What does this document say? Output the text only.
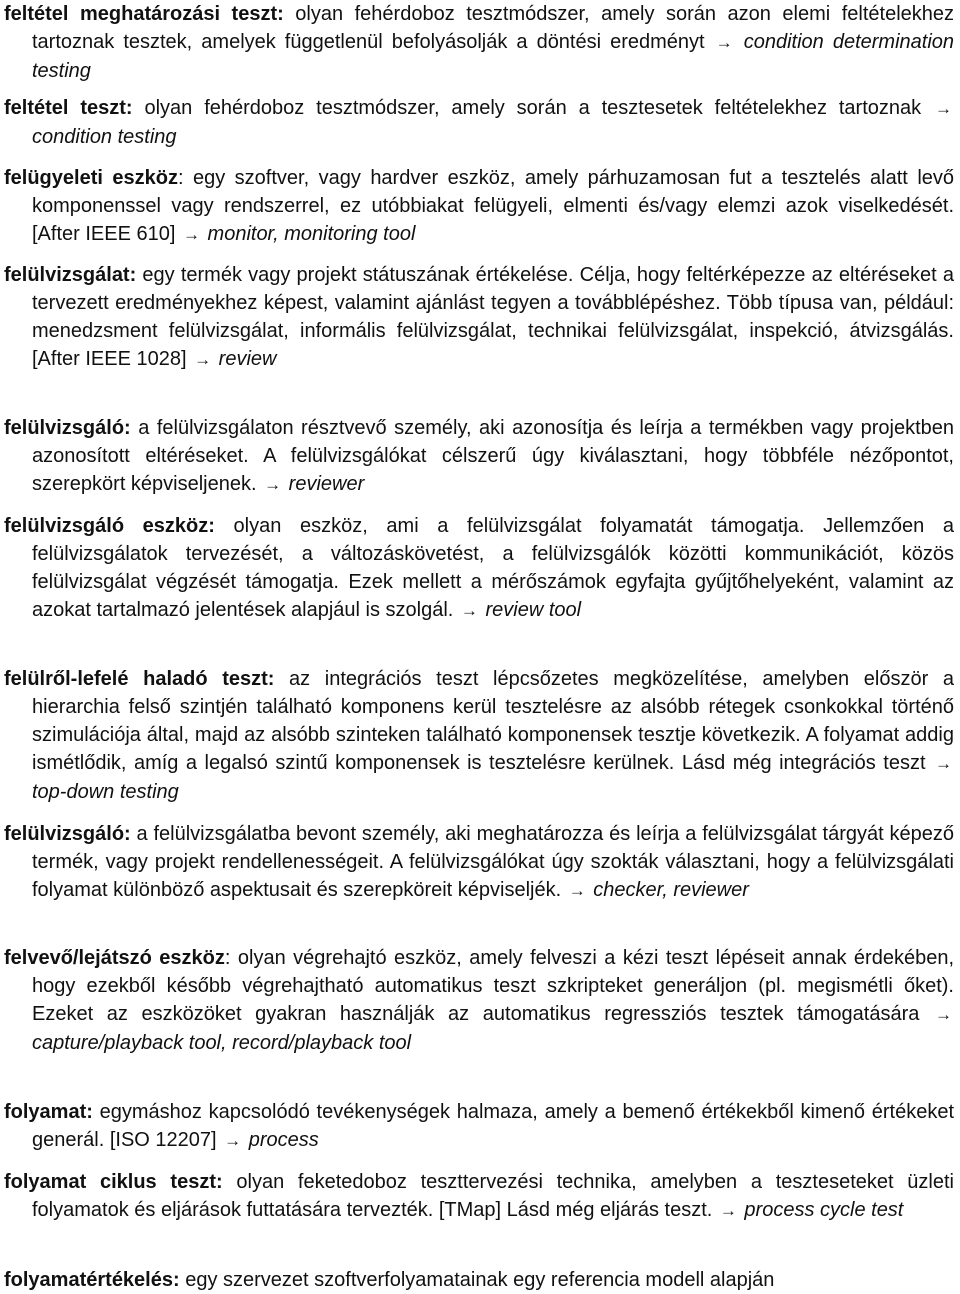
feltétel meghatározási teszt: olyan fehérdoboz tesztmódszer, amely során azon elemi feltételekhez tartoznak tesztek, amelyek függetlenül befolyásolják a döntési eredményt → condition determination testing

feltétel teszt: olyan fehérdoboz tesztmódszer, amely során a tesztesetek feltételekhez tartoznak → condition testing

felügyeleti eszköz: egy szoftver, vagy hardver eszköz, amely párhuzamosan fut a tesztelés alatt levő komponenssel vagy rendszerrel, ez utóbbiakat felügyeli, elmenti és/vagy elemzi azok viselkedését. [After IEEE 610] → monitor, monitoring tool

felülvizsgálat: egy termék vagy projekt státuszának értékelése. Célja, hogy feltérképezze az eltéréseket a tervezett eredményekhez képest, valamint ajánlást tegyen a továbblépéshez. Több típusa van, például: menedzsment felülvizsgálat, informális felülvizsgálat, technikai felülvizsgálat, inspekció, átvizsgálás. [After IEEE 1028] → review

felülvizsgáló: a felülvizsgálaton résztvevő személy, aki azonosítja és leírja a termékben vagy projektben azonosított eltéréseket. A felülvizsgálókat célszerű úgy kiválasztani, hogy többféle nézőpontot, szerepkört képviseljenek. → reviewer

felülvizsgáló eszköz: olyan eszköz, ami a felülvizsgálat folyamatát támogatja. Jellemzően a felülvizsgálatok tervezését, a változáskövetést, a felülvizsgálók közötti kommunikációt, közös felülvizsgálat végzését támogatja. Ezek mellett a mérőszámok egyfajta gyűjtőhelyeként, valamint az azokat tartalmazó jelentések alapjául is szolgál. → review tool

felülről-lefelé haladó teszt: az integrációs teszt lépcsőzetes megközelítése, amelyben először a hierarchia felső szintjén található komponens kerül tesztelésre az alsóbb rétegek csonkokkal történő szimulációja által, majd az alsóbb szinteken található komponensek tesztje következik. A folyamat addig ismétlődik, amíg a legalsó szintű komponensek is tesztelésre kerülnek. Lásd még integrációs teszt → top-down testing

felülvizsgáló: a felülvizsgálatba bevont személy, aki meghatározza és leírja a felülvizsgálat tárgyát képező termék, vagy projekt rendellenességeit. A felülvizsgálókat úgy szokták választani, hogy a felülvizsgálati folyamat különböző aspektusait és szerepköreit képviseljék. → checker, reviewer

felvevő/lejátszó eszköz: olyan végrehajtó eszköz, amely felveszi a kézi teszt lépéseit annak érdekében, hogy ezekből később végrehajtható automatikus teszt szkripteket generáljon (pl. megismétli őket). Ezeket az eszközöket gyakran használják az automatikus regressziós tesztek támogatására → capture/playback tool, record/playback tool

folyamat: egymáshoz kapcsolódó tevékenységek halmaza, amely a bemenő értékekből kimenő értékeket generál. [ISO 12207] → process

folyamat ciklus teszt: olyan feketedoboz teszttervezési technika, amelyben a teszteseteket üzleti folyamatok és eljárások futtatására tervezték. [TMap] Lásd még eljárás teszt. → process cycle test

folyamatértékelés: egy szervezet szoftverfolyamatainak egy referencia modell alapján
